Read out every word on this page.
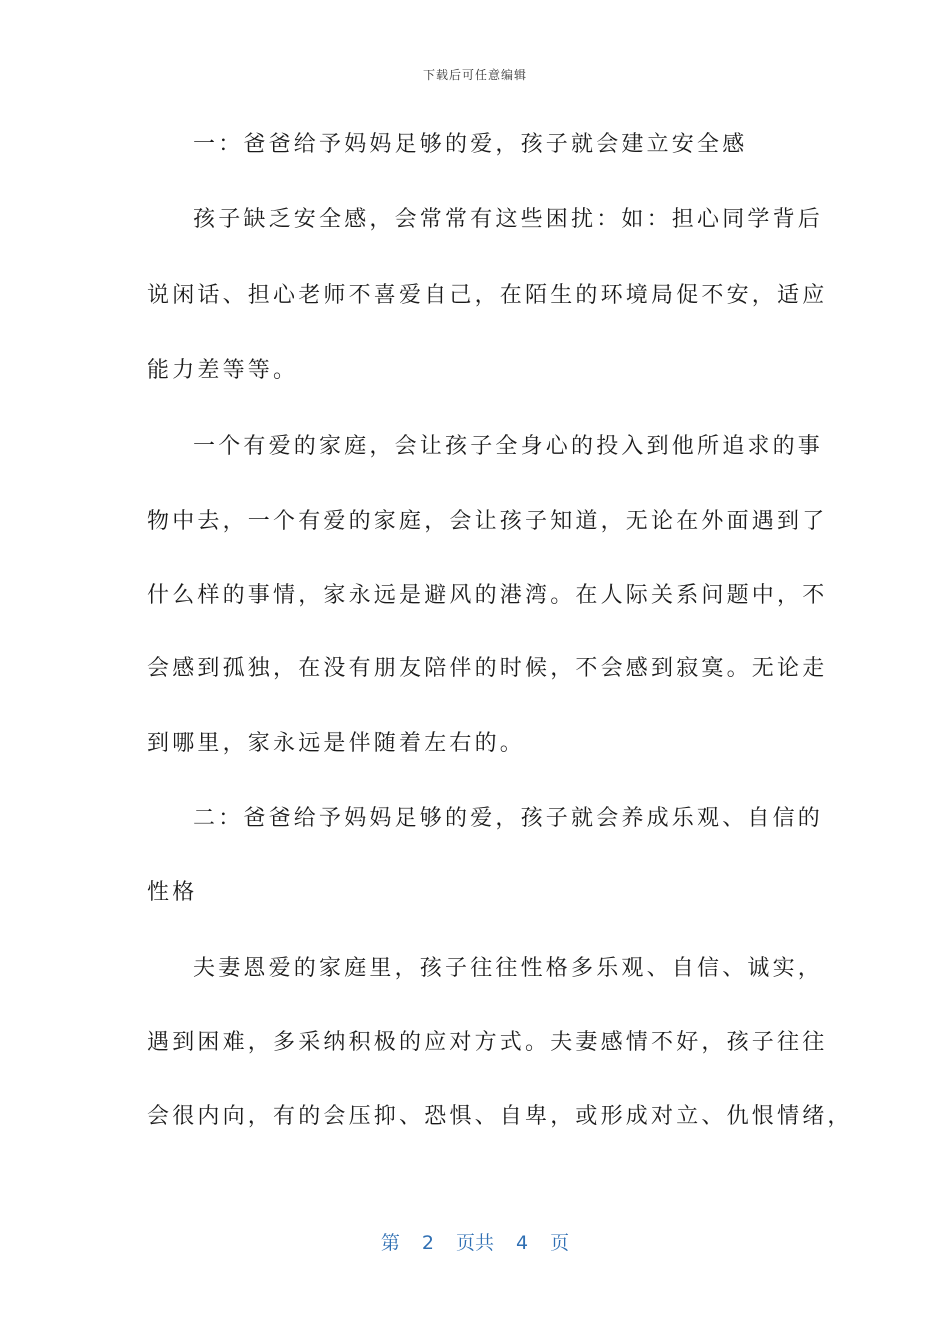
下载后可任意编辑
一：爸爸给予妈妈足够的爱，孩子就会建立安全感
孩子缺乏安全感，会常常有这些困扰：如：担心同学背后
说闲话、担心老师不喜爱自己，在陌生的环境局促不安，适应
能力差等等。
一个有爱的家庭，会让孩子全身心的投入到他所追求的事
物中去，一个有爱的家庭，会让孩子知道，无论在外面遇到了
什么样的事情，家永远是避风的港湾。在人际关系问题中，不
会感到孤独，在没有朋友陪伴的时候，不会感到寂寞。无论走
到哪里，家永远是伴随着左右的。
二：爸爸给予妈妈足够的爱，孩子就会养成乐观、自信的
性格
夫妻恩爱的家庭里，孩子往往性格多乐观、自信、诚实，
遇到困难，多采纳积极的应对方式。夫妻感情不好，孩子往往
会很内向，有的会压抑、恐惧、自卑，或形成对立、仇恨情绪，
第 2 页共 4 页
